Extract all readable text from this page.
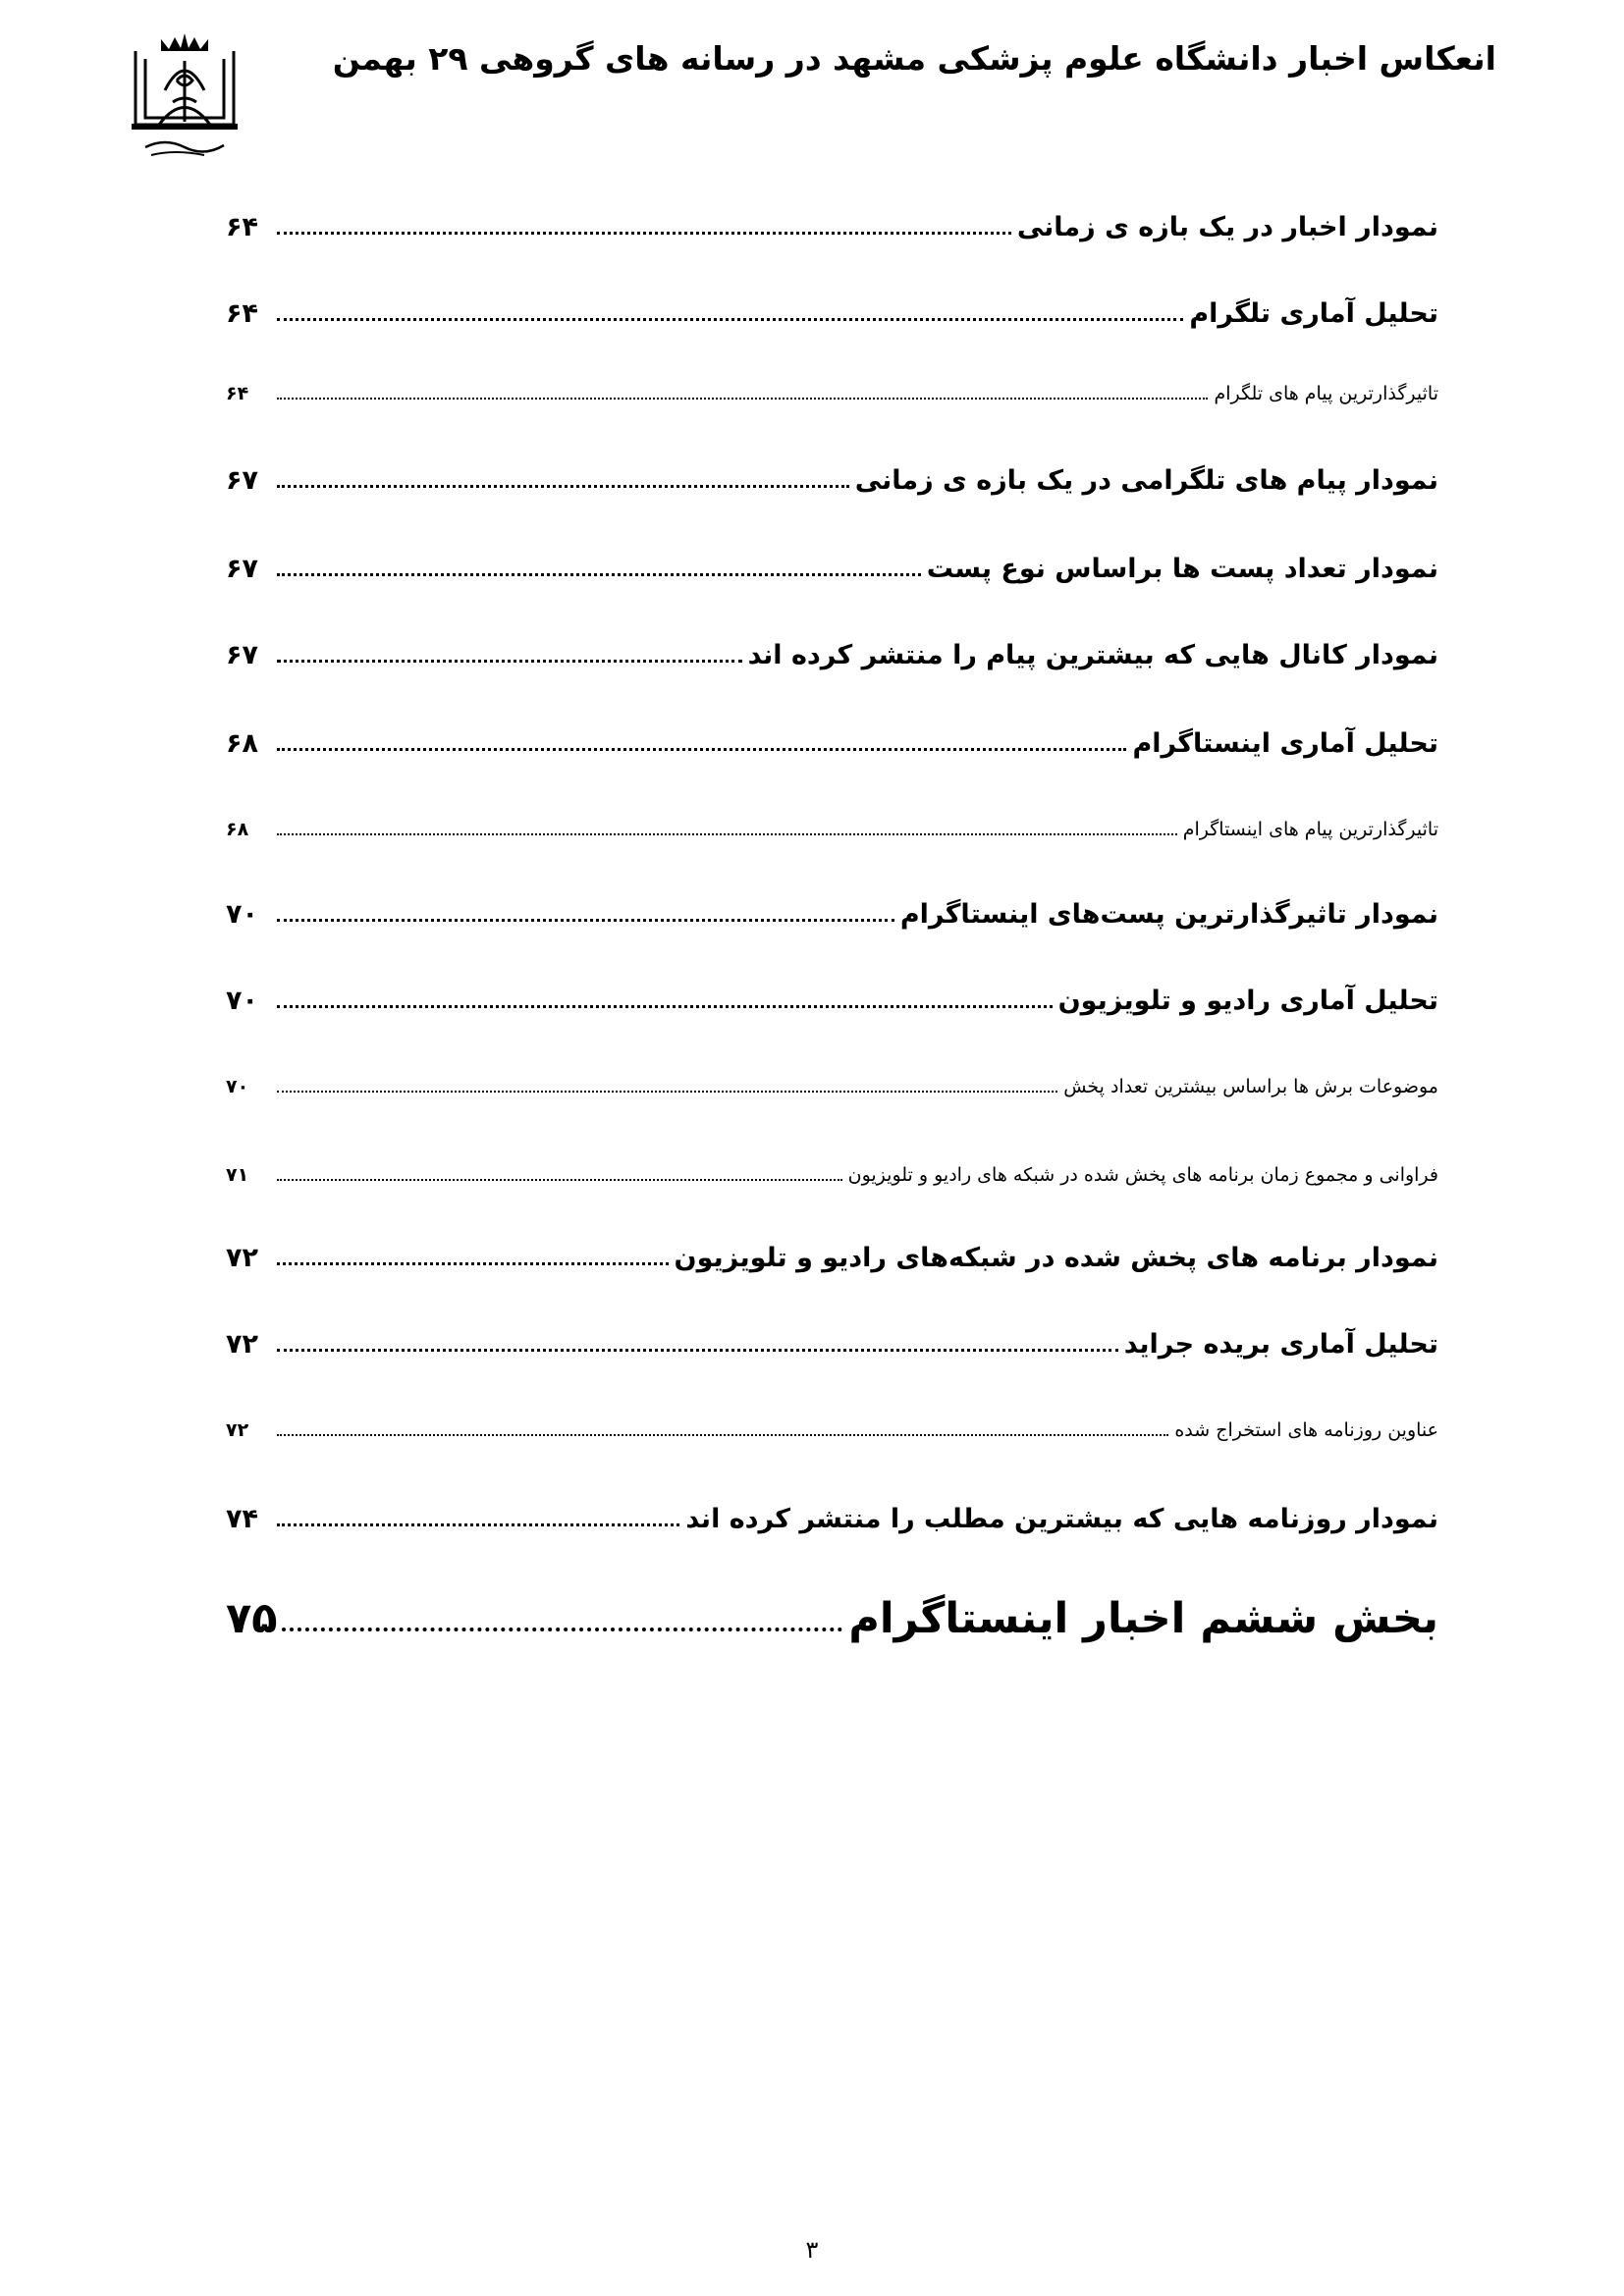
انعکاس اخبار دانشگاه علوم پزشکی مشهد در رسانه های گروهی ۲۹ بهمن
نمودار اخبار در یک بازه ی زمانی
۶۴
تحلیل آماری تلگرام
۶۴
تاثیرگذارترین پیام های تلگرام
۶۴
نمودار پیام های تلگرامی در یک بازه ی زمانی
۶۷
نمودار تعداد پست ها براساس نوع پست
۶۷
نمودار کانال هایی که بیشترین پیام را منتشر کرده اند
۶۷
تحلیل آماری اینستاگرام
۶۸
تاثیرگذارترین پیام های اینستاگرام
۶۸
نمودار تاثیرگذارترین پست‌های اینستاگرام
۷۰
تحلیل آماری رادیو و تلویزیون
۷۰
موضوعات برش ها براساس بیشترین تعداد پخش
۷۰
فراوانی و مجموع زمان برنامه های پخش شده در شبکه های رادیو و تلویزیون
۷۱
نمودار برنامه های پخش شده در شبکه‌های رادیو و تلویزیون
۷۲
تحلیل آماری بریده جراید
۷۲
عناوین روزنامه های استخراج شده
۷۲
نمودار روزنامه هایی که بیشترین مطلب را منتشر کرده اند
۷۴
بخش ششم اخبار اینستاگرام
۷۵
۳
